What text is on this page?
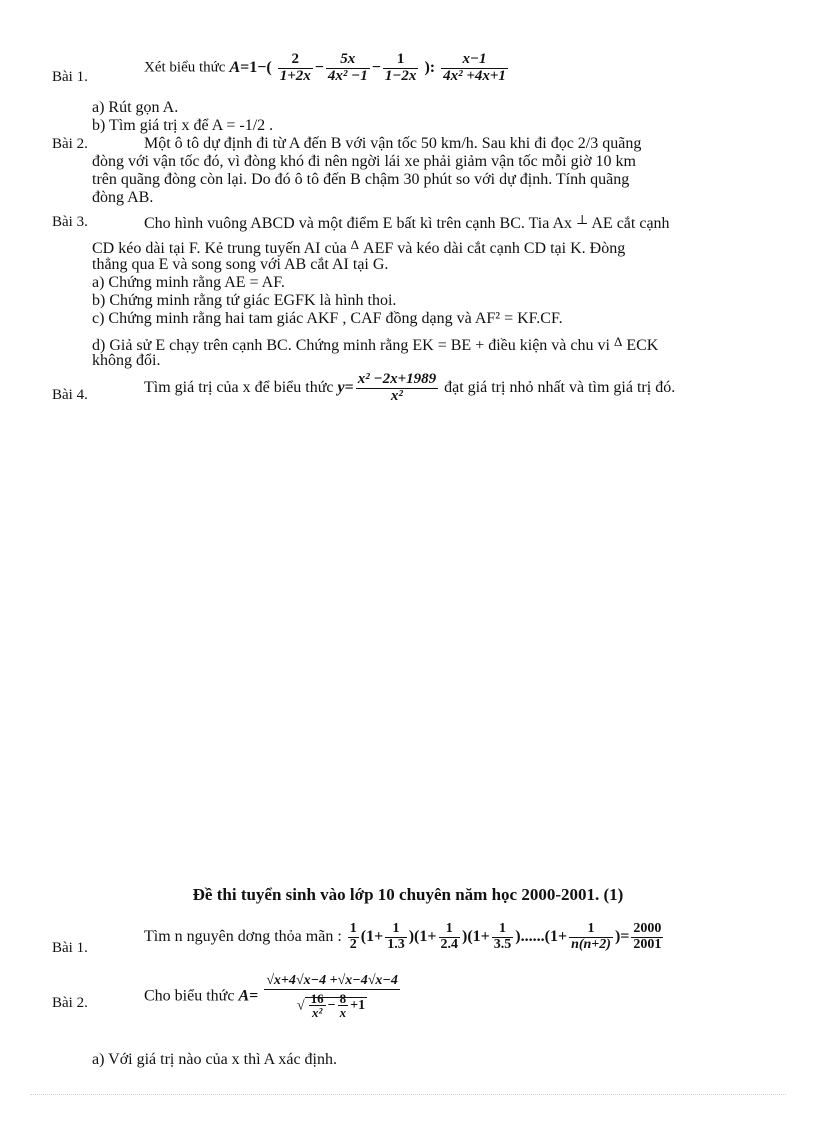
Bài 1.
Xét biểu thức $A=1-( \frac{2}{1+2x} - \frac{5x}{\text{4x² −1}} - \frac{1}{1-2x}$ ): $\frac{x-1}{\text{4x² +4x+1}}$
a) Rút gọn A.
b) Tìm giá trị x để A = -1/2 .
Bài 2.	Một ô tô dự định đi từ A đến B với vận tốc 50 km/h. Sau khi đi đọc 2/3 quãng
đòng với vận tốc đó, vì đòng khó đi nên ngời lái xe phải giảm vận tốc mỗi giờ 10 km
trên quãng đòng còn lại. Do đó ô tô đến B chậm 30 phút so với dự định. Tính quãng
đòng AB.
Bài 3.	Cho hình vuông ABCD và một điểm E bất kì trên cạnh BC. Tia Ax ⊥ AE cắt cạnh
CD kéo dài tại F. Kẻ trung tuyến AI của $^\Delta$ AEF và kéo dài cắt cạnh CD tại K. Đòng
thẳng qua E và song song với AB cắt AI tại G.
a) Chứng minh rằng AE = AF.
b) Chứng minh rằng tứ giác EGFK là hình thoi.
c) Chứng minh rằng hai tam giác AKF , CAF đồng dạng và AF² = KF.CF.
d) Giả sử E chạy trên cạnh BC. Chứng minh rằng EK = BE + điều kiện và chu vi $^\Delta$ ECK
không đổi.
Bài 4.	Tìm giá trị của x để biểu thức $y= \frac{\text{x² −2x+1989}}{\text{x²}}$ đạt giá trị nhỏ nhất và tìm giá trị đó.
Đề thi tuyển sinh vào lớp 10 chuyên năm học 2000-2001. (1)
Bài 1.
Tìm n nguyên dơng thỏa mãn : $\frac{1}{2} (1+ \frac{1}{1.3} )(1+ \frac{1}{2.4} )(1+ \frac{1}{3.5} )......(1+ \frac{1}{n(n+2)}$ )= $\frac{2000}{2001}$
Bài 2.	Cho biểu thức $A= \frac{√x+4√x-4 +√x-4√x-4}{√ \frac{16}{\text{x²}} - \frac{8}{x} +1}$
a) Với giá trị nào của x thì A xác định.
